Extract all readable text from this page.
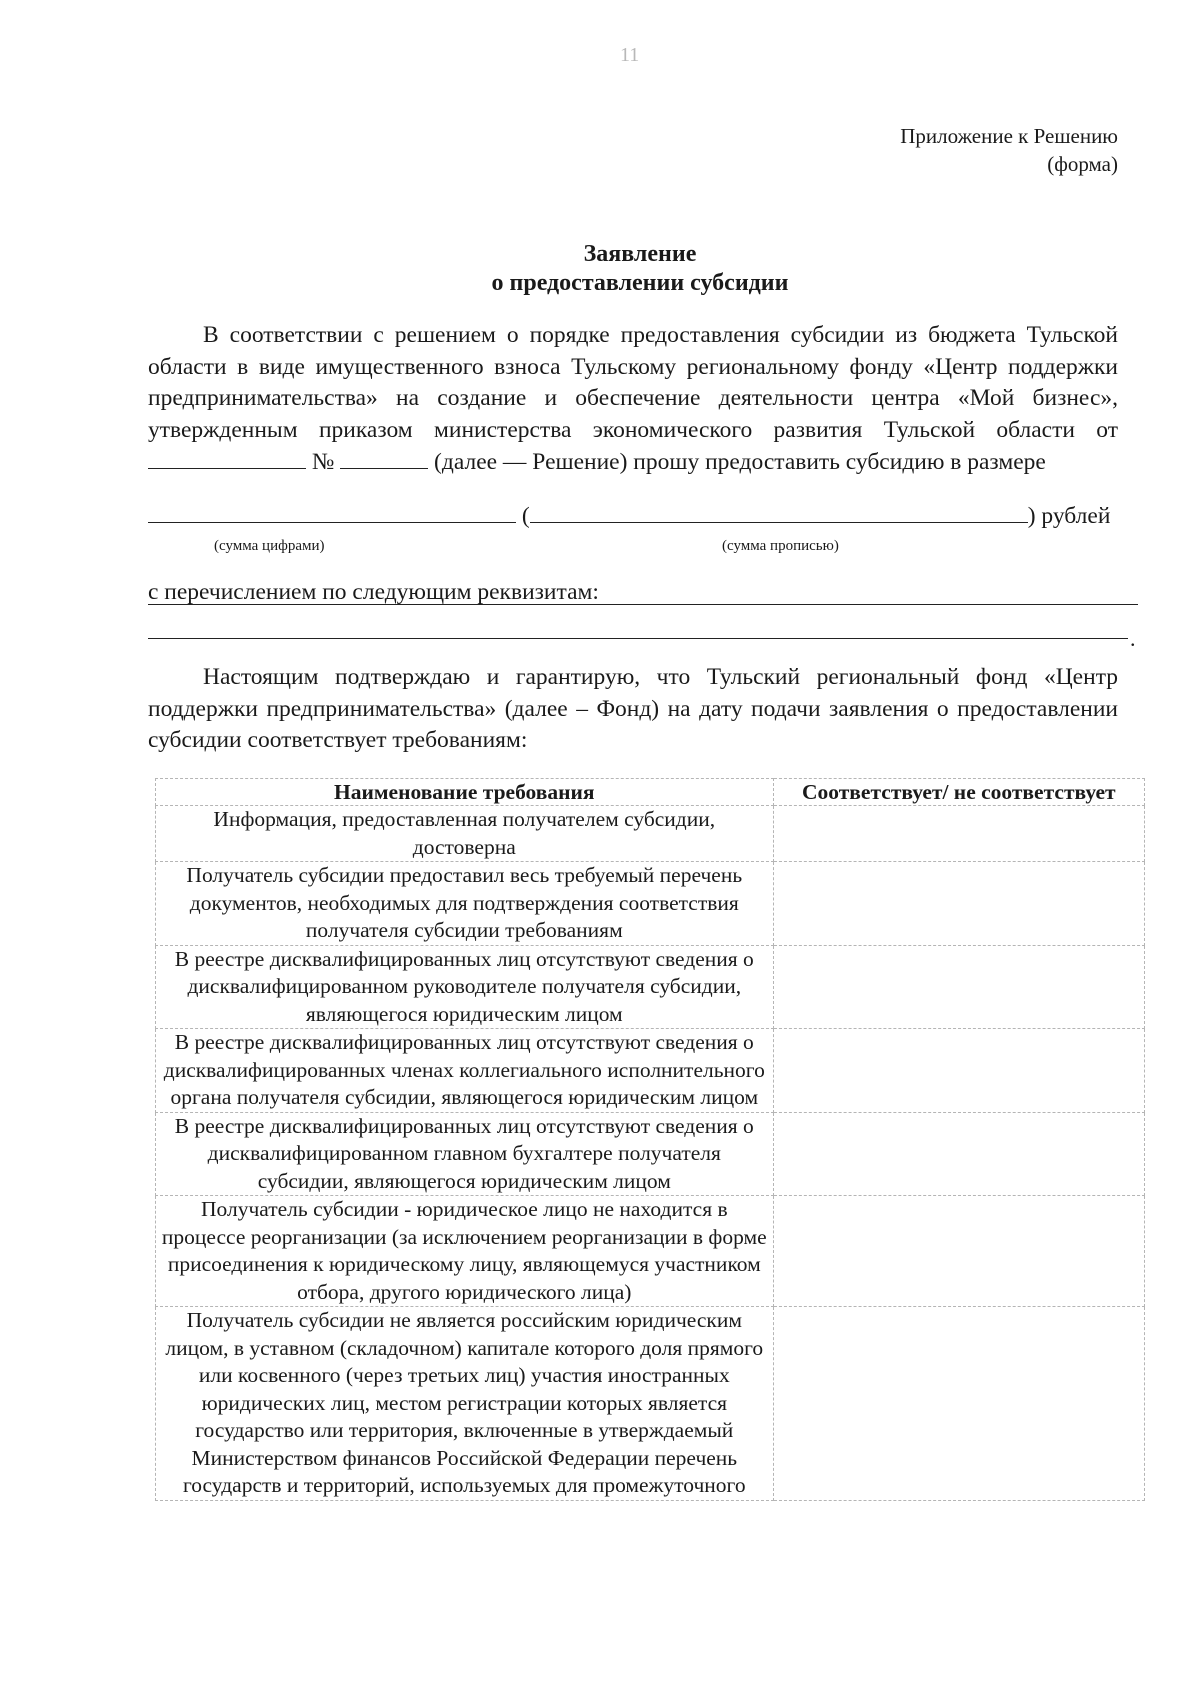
11
Приложение к Решению
(форма)
Заявление
о предоставлении субсидии

В соответствии с решением о порядке предоставления субсидии из бюджета Тульской области в виде имущественного взноса Тульскому региональному фонду «Центр поддержки предпринимательства» на создание и обеспечение деятельности центра «Мой бизнес», утвержденным приказом министерства экономического развития Тульской области от  №	(далее — Решение) прошу предоставить субсидию в размере

(	) рублей
(сумма цифрами)	(сумма прописью)
с перечислением по следующим реквизитам:
.

Настоящим подтверждаю и гарантирую, что Тульский региональный фонд «Центр поддержки предпринимательства» (далее – Фонд) на дату подачи заявления о предоставлении субсидии соответствует требованиям:

Наименование требования	Соответствует/ не соответствует
Информация, предоставленная получателем субсидии, достоверна	
Получатель субсидии предоставил весь требуемый перечень документов, необходимых для подтверждения соответствия получателя субсидии требованиям	
В реестре дисквалифицированных лиц отсутствуют сведения о дисквалифицированном руководителе получателя субсидии, являющегося юридическим лицом	
В реестре дисквалифицированных лиц отсутствуют сведения о дисквалифицированных членах коллегиального исполнительного органа получателя субсидии, являющегося юридическим лицом	
В реестре дисквалифицированных лиц отсутствуют сведения о дисквалифицированном главном бухгалтере получателя субсидии, являющегося юридическим лицом	
Получатель субсидии - юридическое лицо не находится в процессе реорганизации (за исключением реорганизации в форме присоединения к юридическому лицу, являющемуся участником отбора, другого юридического лица)	
Получатель субсидии не является российским юридическим лицом, в уставном (складочном) капитале которого доля прямого или косвенного (через третьих лиц) участия иностранных юридических лиц, местом регистрации которых является государство или территория, включенные в утверждаемый Министерством финансов Российской Федерации перечень государств и территорий, используемых для промежуточного	
